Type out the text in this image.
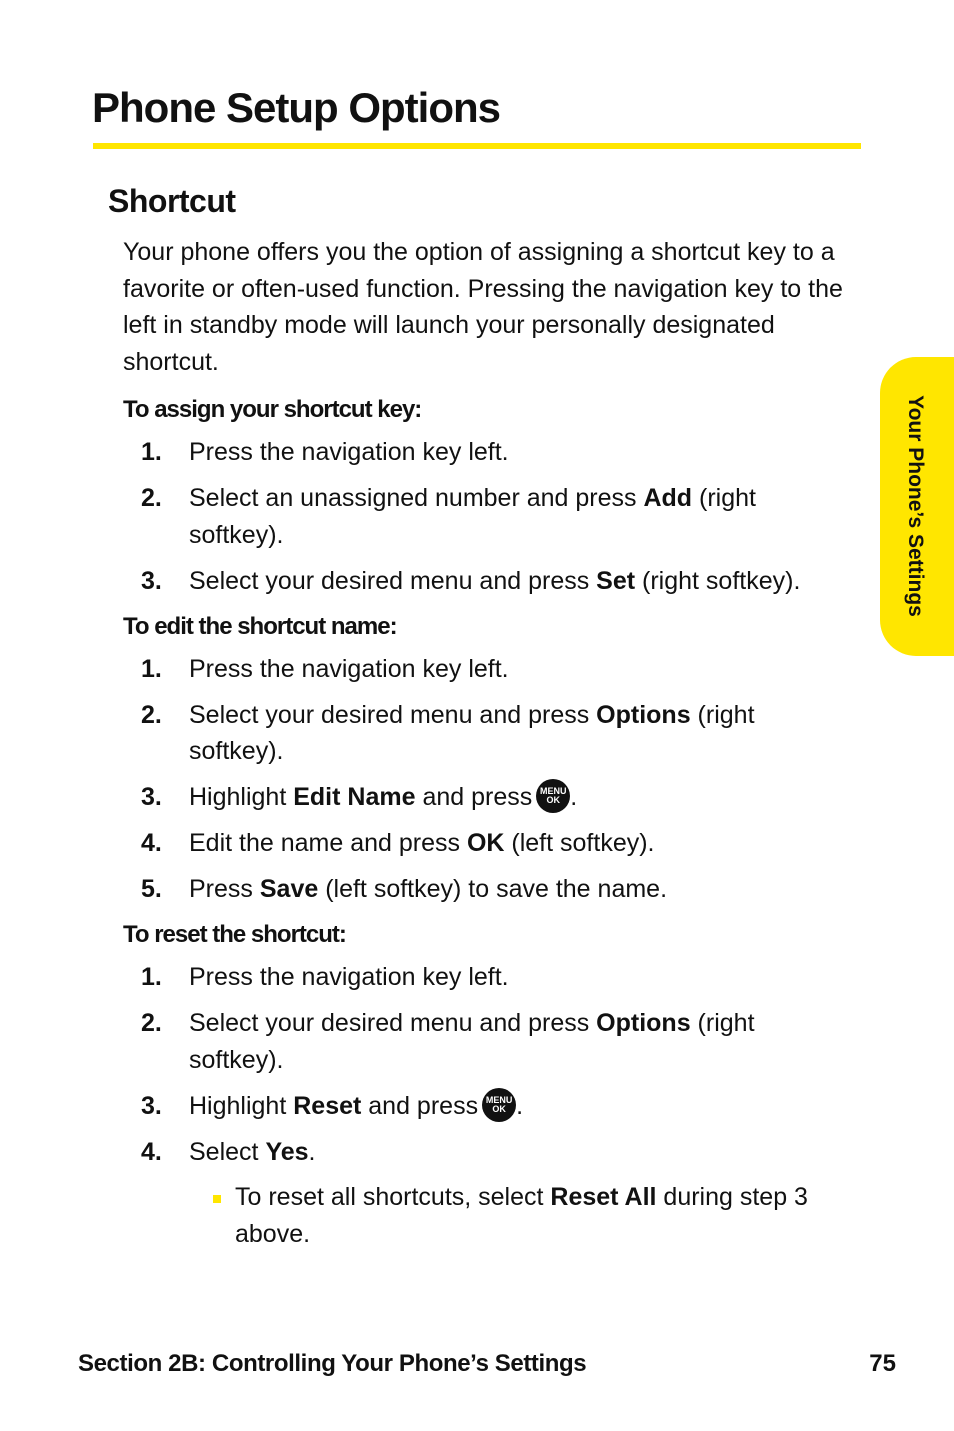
Phone Setup Options
Shortcut

Your phone offers you the option of assigning a shortcut key to a favorite or often-used function. Pressing the navigation key to the left in standby mode will launch your personally designated shortcut.

To assign your shortcut key:
1. Press the navigation key left.
2. Select an unassigned number and press Add (right softkey).
3. Select your desired menu and press Set (right softkey).
To edit the shortcut name:
1. Press the navigation key left.
2. Select your desired menu and press Options (right softkey).
3. Highlight Edit Name and press MENU
OK .
4. Edit the name and press OK (left softkey).
5. Press Save (left softkey) to save the name.
To reset the shortcut:
1. Press the navigation key left.
2. Select your desired menu and press Options (right softkey).
3. Highlight Reset and press MENU
OK .
4. Select Yes.
To reset all shortcuts, select Reset All during step 3 above.
Your Phone’s Settings
Section 2B: Controlling Your Phone’s Settings	75
